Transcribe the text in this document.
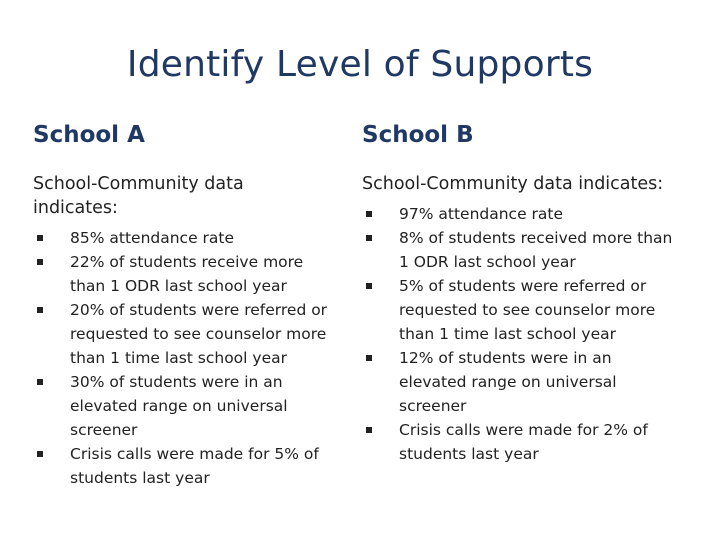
Identify Level of Supports
School A
School-Community data indicates:
85% attendance rate
22% of students receive more than 1 ODR last school year
20% of students were referred or requested to see counselor more than 1 time last school year
30% of students were in an elevated range on universal screener
Crisis calls were made for 5% of students last year
School B
School-Community data indicates:
97% attendance rate
8% of students received more than 1 ODR last school year
5% of students were referred or requested to see counselor more than 1 time last school year
12% of students were in an elevated range on universal screener
Crisis calls were made for 2% of students last year
